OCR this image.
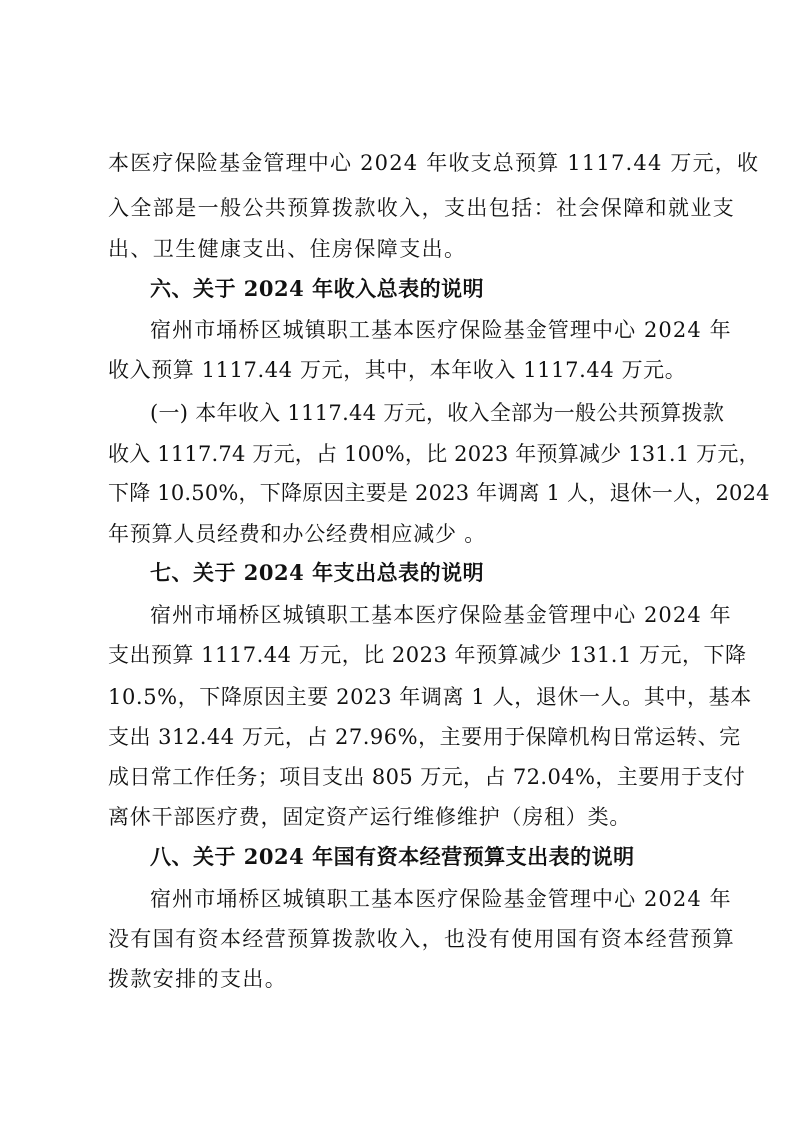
本医疗保险基金管理中心 2024 年收支总预算 1117.44 万元，收
入全部是一般公共预算拨款收入，支出包括：社会保障和就业支
出、卫生健康支出、住房保障支出。
六、关于 2024 年收入总表的说明
宿州市埇桥区城镇职工基本医疗保险基金管理中心 2024 年
收入预算 1117.44 万元，其中，本年收入 1117.44 万元。
(一) 本年收入 1117.44 万元，收入全部为一般公共预算拨款
收入 1117.74 万元，占 100%，比 2023 年预算减少 131.1 万元，
下降 10.50%，下降原因主要是 2023 年调离 1 人，退休一人，2024
年预算人员经费和办公经费相应减少 。
七、关于 2024 年支出总表的说明
宿州市埇桥区城镇职工基本医疗保险基金管理中心 2024 年
支出预算 1117.44 万元，比 2023 年预算减少 131.1 万元，下降
10.5%，下降原因主要 2023 年调离 1 人，退休一人。其中，基本
支出 312.44 万元，占 27.96%，主要用于保障机构日常运转、完
成日常工作任务；项目支出 805 万元，占 72.04%，主要用于支付
离休干部医疗费，固定资产运行维修维护（房租）类。
八、关于 2024 年国有资本经营预算支出表的说明
宿州市埇桥区城镇职工基本医疗保险基金管理中心 2024 年
没有国有资本经营预算拨款收入，也没有使用国有资本经营预算
拨款安排的支出。
